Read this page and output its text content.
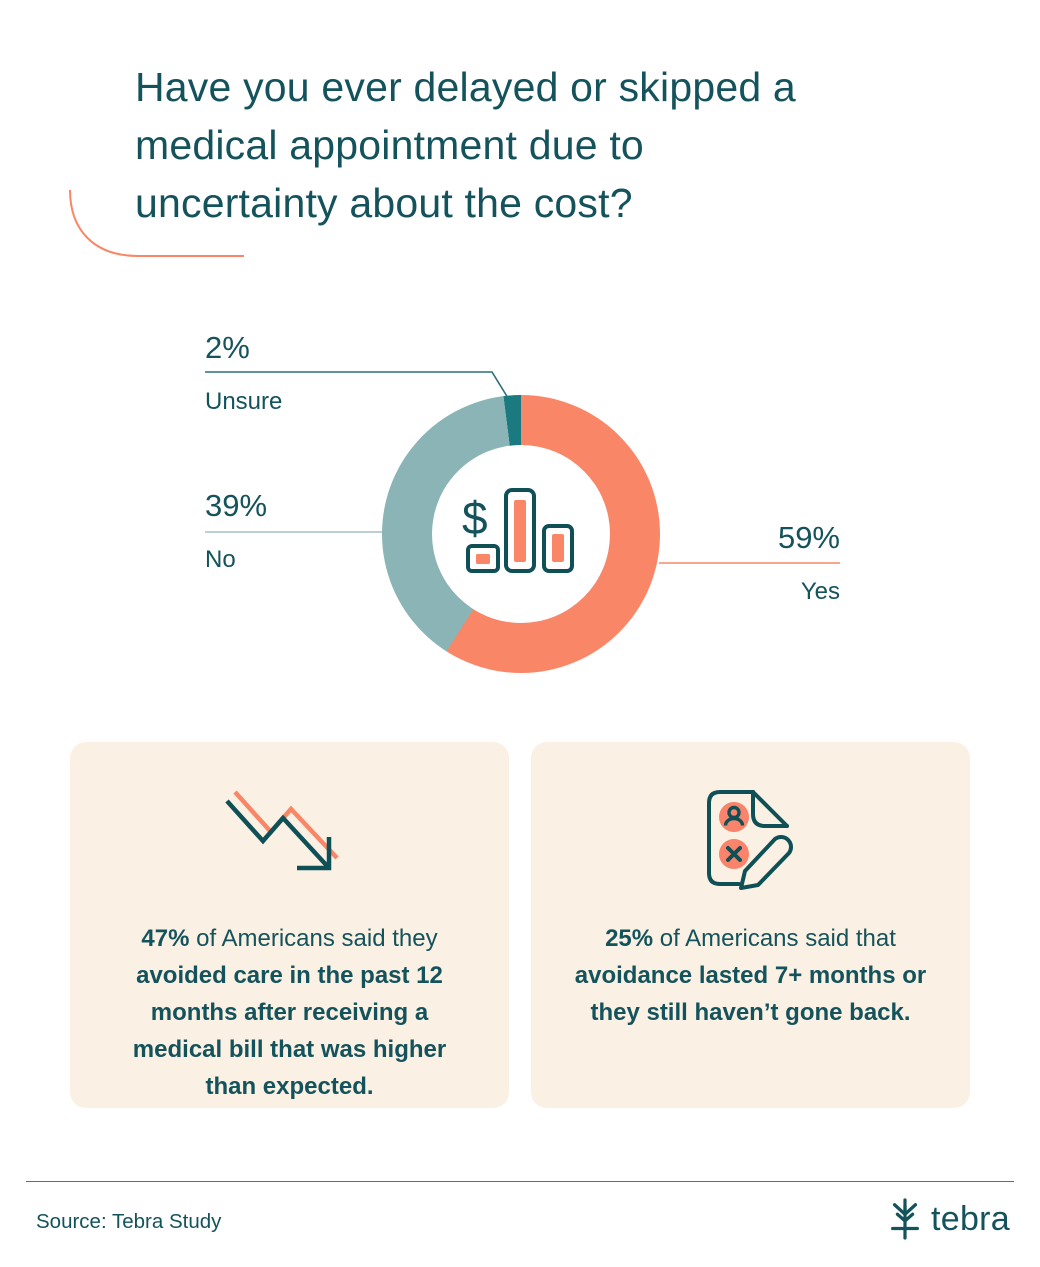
Have you ever delayed or skipped a
medical appointment due to
uncertainty about the cost?
$
2%
Unsure
39%
No
59%
Yes

47% of Americans said they avoided care in the past 12 months after receiving a medical bill that was higher than expected.

25% of Americans said that avoidance lasted 7+ months or they still haven’t gone back.

Source: Tebra Study	tebra
